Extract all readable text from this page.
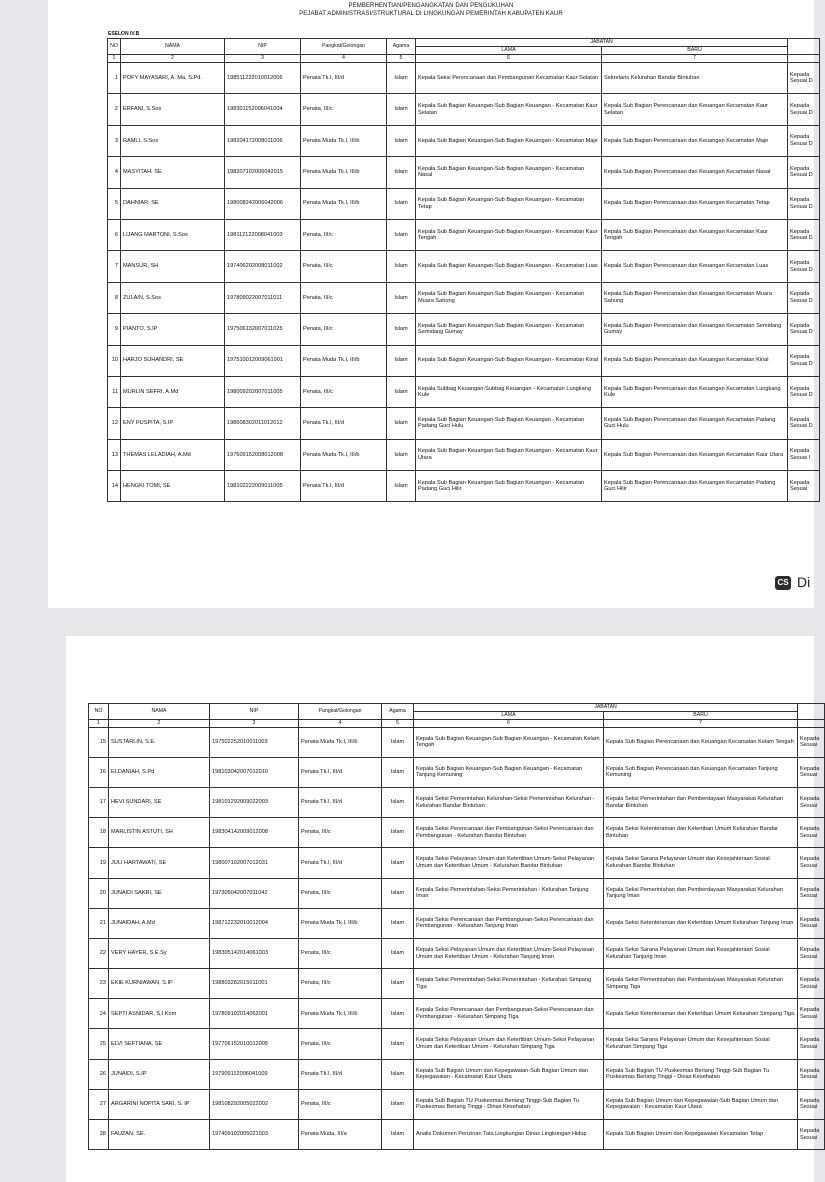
PEMBERHENTIAN/PENGANGKATAN DAN PENGUKUHAN
PEJABAT ADMINISTRASI/STRUKTURAL DI LINGKUNGAN PEMERINTAH KABUPATEN KAUR
ESELON IV.B
NO	NAMA	NIP	Pangkat/Golongan	Agama	JABATAN		
					LAMA	BARU	
1	2	3	4	5	6	7	
1	POFY MAYASARI, A. Ma, S.Pd.	198511232010012006	Penata Tk.I, III/d	Islam	Kepala Seksi Perencanaan dan Pembangunan Kecamatan Kaur Selatan	Sekretaris Kelurahan Bandar Bintuhan	Kepada Sesuai D
2	ERFANI, S.Sos	198301152006041004	Penata, III/c	Islam	Kepala Sub Bagian Keuangan-Sub Bagian Keuangan - Kecamatan Kaur Selatan	Kepala Sub Bagian Perencanaan dan Keuangan Kecamatan Kaur Selatan	Kepada Sesuai D
3	RAMLI, S.Sos	198204172008011006	Penata Muda Tk.I, III/b	Islam	Kepala Sub Bagian Keuangan-Sub Bagian Keuangan - Kecamatan Maje	Kepala Sub Bagian Perencanaan dan Keuangan Kecamatan Maje	Kepada Sesuai D
4	MASYITAH, SE	198207102006042015	Penata Muda Tk.I, III/b	Islam	Kepala Sub Bagian Keuangan-Sub Bagian Keuangan - Kecamatan Nasal	Kepala Sub Bagian Perencanaan dan Keuangan Kecamatan Nasal	Kepada Sesuai D
5	DAHNIAR, SE	198008242006042006	Penata Muda Tk.I, III/b	Islam	Kepala Sub Bagian Keuangan-Sub Bagian Keuangan - Kecamatan Tetap	Kepala Sub Bagian Perencanaan dan Keuangan Kecamatan Tetap	Kepada Sesuai D
6	LIJANG MARTONI, S.Sos	198112122008041003	Penata, III/c	Islam	Kepala Sub Bagian Keuangan-Sub Bagian Keuangan - Kecamatan Kaur Tengah	Kepala Sub Bagian Perencanaan dan Keuangan Kecamatan Kaur Tengah	Kepada Sesuai D
7	MANSUR, SH	197406202008011002	Penata, III/c	Islam	Kepala Sub Bagian Keuangan-Sub Bagian Keuangan - Kecamatan Luas	Kepala Sub Bagian Perencanaan dan Keuangan Kecamatan Luas	Kepada Sesuai D
8	ZULAIN, S.Sos	197809022007011011	Penata, III/c	Islam	Kepala Sub Bagian Keuangan-Sub Bagian Keuangan - Kecamatan Muara Sahung	Kepala Sub Bagian Perencanaan dan Keuangan Kecamatan Muara Sahung	Kepada Sesuai D
9	PIANTO, S.IP	197506132007011025	Penata, III/c	Islam	Kepala Sub Bagian Keuangan-Sub Bagian Keuangan - Kecamatan Semidang Gumay	Kepala Sub Bagian Perencanaan dan Keuangan Kecamatan Semidang Gumay	Kepada Sesuai D
10	HARJO SUHANDRI, SE	197510012009061001	Penata Muda Tk.I, III/b	Islam	Kepala Sub Bagian Keuangan-Sub Bagian Keuangan - Kecamatan Kinal	Kepala Sub Bagian Perencanaan dan Keuangan Kecamatan Kinal	Kepada Sesuai D
11	MURLIN SEFRI, A.Md	198009202007011005	Penata, III/c	Islam	Kepala Subbag Keuangan-Subbag Keuangan - Kecamatan Lungkang Kule	Kepala Sub Bagian Perencanaan dan Keuangan Kecamatan Lungkang Kule	Kepada Sesuai D
12	ENY PUSPITA, S.IP	198608302011012012	Penata Tk.I, III/d	Islam	Kepala Sub Bagian Keuangan-Sub Bagian Keuangan - Kecamatan Padang Guci Hulu	Kepala Sub Bagian Perencanaan dan Keuangan Kecamatan Padang Guci Hulu	Kepada Sesuai D
13	THEMAS LELADIAH, A.Md	197609152008012008	Penata Muda Tk.I, III/b	Islam	Kepala Sub Bagian Keuangan-Sub Bagian Keuangan - Kecamatan Kaur Utara	Kepala Sub Bagian Perencanaan dan Keuangan Kecamatan Kaur Utara	Kepada Sesuai I
14	HENGKI TOMI, SE	198102222009011005	Penata Tk.I, III/d	Islam	Kepala Sub Bagian Keuangan-Sub Bagian Keuangan - Kecamatan Padang Guci Hilir	Kepala Sub Bagian Perencanaan dan Keuangan Kecamatan Padang Guci Hilir	Kepada Sesuai
CS Di
NO	NAMA	NIP	Pangkat/Golongan	Agama	JABATAN		
					LAMA	BARU	
1	2	3	4	5	6	7	
15	SUSTARLIN, S.E.	197502252010011003	Penata Muda Tk.I, III/b	Islam	Kepala Sub Bagian Keuangan-Sub Bagian Keuangan - Kecamatan Kelam Tengah	Kepala Sub Bagian Perencanaan dan Keuangan Kecamatan Kelam Tengah	Kepada Sesuai
16	ELDANIAH, S.Pd	198103042007012010	Penata Tk.I, III/d	Islam	Kepala Sub Bagian Keuangan-Sub Bagian Keuangan - Kecamatan Tanjung Kemuning	Kepala Sub Bagian Perencanaan dan Keuangan Kecamatan Tanjung Kemuning	Kepada Sesuai
17	HEVI SUNDARI, SE	198101292009022003	Penata Tk.I, III/d	Islam	Kepala Seksi Pemerintahan Kelurahan-Seksi Pemerintahan Kelurahan - Kelurahan Bandar Bintuhan	Kepala Seksi Pemerintahan dan Pemberdayaan Masyarakat Kelurahan Bandar Bintuhan	Kepada Sesuai
18	MARLISTIN ASTUTI, SH	198304142009012008	Penata, III/c	Islam	Kepala Seksi Perencanaan dan Pembangunan-Seksi Perencanaan dan Pembangunan - Kelurahan Bandar Bintuhan	Kepala Seksi Ketenteraman dan Ketertiban Umum Kelurahan Bandar Bintuhan	Kepada Sesuai
19	JULI HARTAWATI, SE	198007102007012031	Penata Tk.I, III/d	Islam	Kepala Seksi Pelayanan Umum dan Ketertiban Umum-Seksi Pelayanan Umum dan Ketertiban Umum - Kelurahan Bandar Bintuhan	Kepala Seksi Sarana Pelayanan Umum dan Kesejahteraan Sosial Kelurahan Bandar Bintuhan	Kepada Sesuai
20	JUNAIDI SAKRI, SE	197305042007011042	Penata, III/c	Islam	Kepala Seksi Pemerintahan-Seksi Pemerintahan - Kelurahan Tanjung Iman	Kepala Seksi Pemerintahan dan Pemberdayaan Masyarakat Kelurahan Tanjung Iman	Kepada Sesuai
21	JUNAIDAH, A.Md	198712232010012004	Penata Muda Tk.I, III/b	Islam	Kepala Seksi Perencanaan dan Pembangunan-Seksi Perencanaan dan Pembangunan - Kelurahan Tanjung Iman	Kepala Seksi Ketenteraman dan Ketertiban Umum Kelurahan Tanjung Iman	Kepada Sesuai
22	VERY HAYER, S.E.Sy	198305142014061003	Penata, III/c	Islam	Kepala Seksi Pelayanan Umum dan Ketertiban Umum-Seksi Pelayanan Umum dan Ketertiban Umum - Kelurahan Tanjung Iman	Kepala Seksi Sarana Pelayanan Umum dan Kesejahteraan Sosial Kelurahan Tanjung Iman	Kepada Sesuai
23	EKIE KURNIAWAN, S.IP	198803282015011001	Penata, III/c	Islam	Kepala Seksi Pemerintahan-Seksi Pemerintahan - Kelurahan Simpang Tiga	Kepala Seksi Pemerintahan dan Pemberdayaan Masyarakat Kelurahan Simpang Tiga	Kepada Sesuai
24	SEPTI ASNIDAR, S.I.Kom	197809102014062001	Penata Muda Tk.I, III/b	Islam	Kepala Seksi Perencanaan dan Pembangunan-Seksi Perencanaan dan Pembangunan - Kelurahan Simpang Tiga	Kepala Seksi Ketenteraman dan Ketertiban Umum Kelurahan Simpang Tiga	Kepada Sesuai
25	ELVI SEFTIANA, SE	197706152010012005	Penata, III/c	Islam	Kepala Seksi Pelayanan Umum dan Ketertiban Umum-Seksi Pelayanan Umum dan Ketertiban Umum - Kelurahan Simpang Tiga	Kepala Seksi Sarana Pelayanan Umum dan Kesejahteraan Sosial Kelurahan Simpang Tiga	Kepada Sesuai
26	JUNAIDI, S.IP	197909112006041009	Penata Tk.I, III/d	Islam	Kepala Sub Bagian Umum dan Kepegawaian-Sub Bagian Umum dan Kepegawaian - Kecamatan Kaur Utara	Kepala Sub Bagian TU Puskesmas Beriang Tinggi-Sub Bagian Tu Puskesmas Beriang Tinggi - Dinas Kesehatan	Kepada Sesuai
27	ARGARINI NOPITA SARI, S. IP	198108292005022002	Penata, III/c	Islam	Kepala Sub Bagian TU Puskesmas Beriang Tinggi-Sub Bagian Tu Puskesmas Beriang Tinggi - Dinas Kesehatan	Kepala Sub Bagian Umum dan Kepegawaian-Sub Bagian Umum dan Kepegawaian - Kecamatan Kaur Utara	Kepada Sesuai
28	FAUZAN, SE.	197409102005021003	Penata Muda, III/a	Islam	Analis Dokumen Perizinan Tata Lingkungan Dinas Lingkungan Hidup	Kepala Sub Bagian Umum dan Kepegawaian Kecamatan Tetap	Kepada Sesuai
